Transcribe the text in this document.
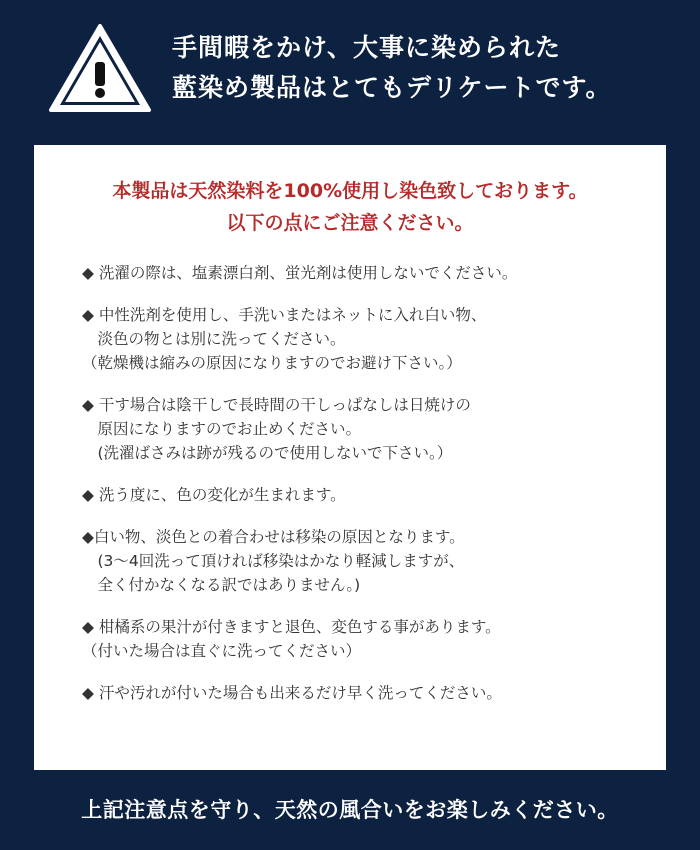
手間暇をかけ、大事に染められた
藍染め製品はとてもデリケートです。
本製品は天然染料を100%使用し染色致しております。
以下の点にご注意ください。
◆ 洗濯の際は、塩素漂白剤、蛍光剤は使用しないでください。
◆ 中性洗剤を使用し、手洗いまたはネットに入れ白い物、
　淡色の物とは別に洗ってください。
（乾燥機は縮みの原因になりますのでお避け下さい。）
◆ 干す場合は陰干しで長時間の干しっぱなしは日焼けの
　原因になりますのでお止めください。
　(洗濯ばさみは跡が残るので使用しないで下さい。）
◆ 洗う度に、色の変化が生まれます。
◆白い物、淡色との着合わせは移染の原因となります。
　(3〜4回洗って頂ければ移染はかなり軽減しますが、
　全く付かなくなる訳ではありません。)
◆ 柑橘系の果汁が付きますと退色、変色する事があります。
（付いた場合は直ぐに洗ってください）
◆ 汗や汚れが付いた場合も出来るだけ早く洗ってください。
上記注意点を守り、天然の風合いをお楽しみください。
